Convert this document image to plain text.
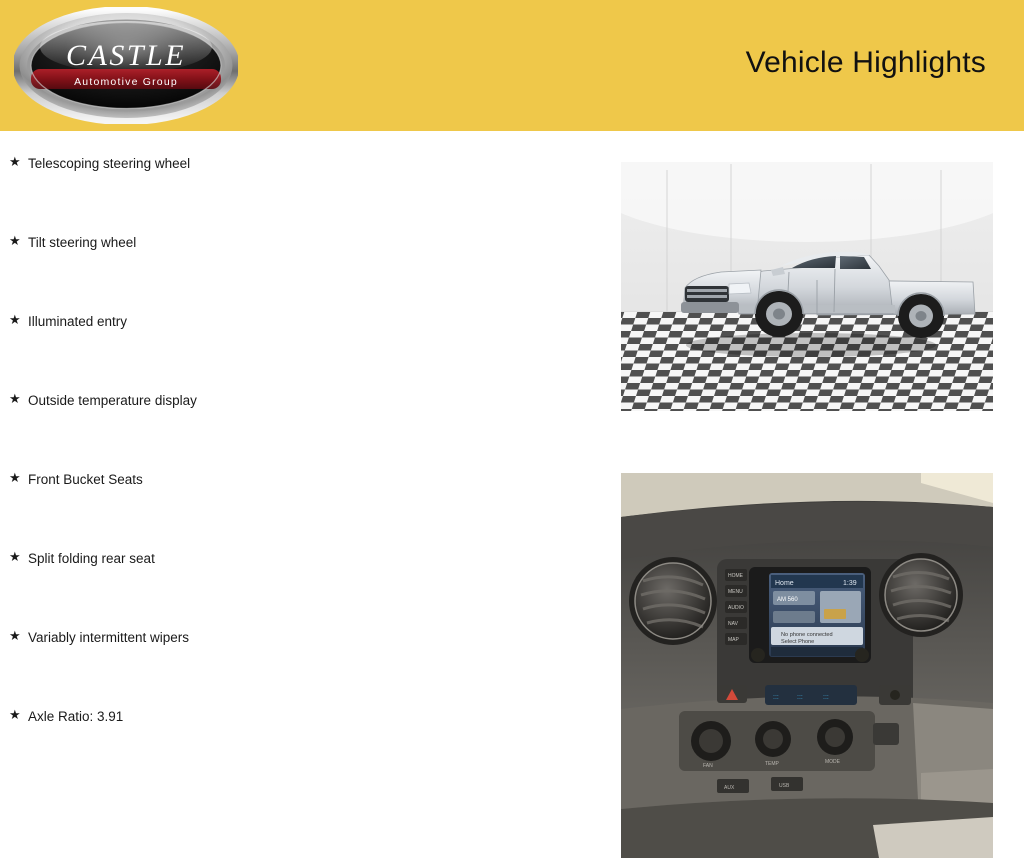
CASTLE
Automotive Group
Vehicle Highlights
★ Telescoping steering wheel
★ Tilt steering wheel
★ Illuminated entry
★ Outside temperature display
★ Front Bucket Seats
★ Split folding rear seat
★ Variably intermittent wipers
★ Axle Ratio: 3.91
Home	1:39
AM 560
No phone connected
Select Phone
HOME
MENU
AUDIO
NAV
MAP
:::	:::	:::
FAN	TEMP	MODE
AUX	USB
